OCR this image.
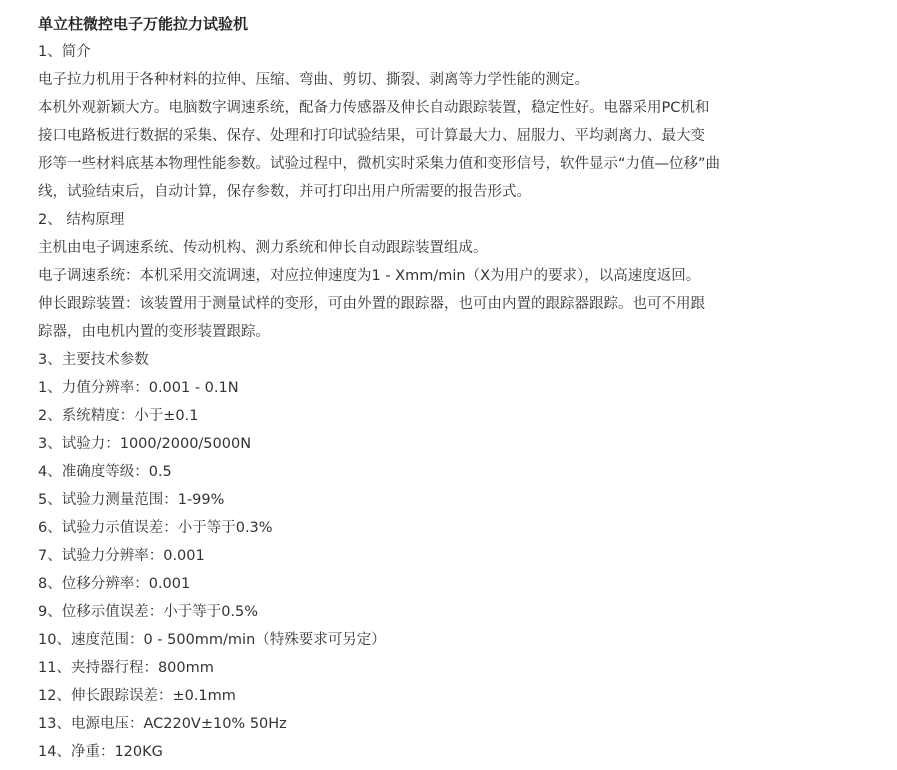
单立柱微控电子万能拉力试验机
1、简介
电子拉力机用于各种材料的拉伸、压缩、弯曲、剪切、撕裂、剥离等力学性能的测定。
本机外观新颖大方。电脑数字调速系统，配备力传感器及伸长自动跟踪装置，稳定性好。电器采用PC机和
接口电路板进行数据的采集、保存、处理和打印试验结果，可计算最大力、屈服力、平均剥离力、最大变
形等一些材料底基本物理性能参数。试验过程中，微机实时采集力值和变形信号，软件显示“力值—位移”曲
线，试验结束后，自动计算，保存参数，并可打印出用户所需要的报告形式。
2、 结构原理
主机由电子调速系统、传动机构、测力系统和伸长自动跟踪装置组成。
电子调速系统：本机采用交流调速，对应拉伸速度为1 - Xmm/min（X为用户的要求），以高速度返回。
伸长跟踪装置：该装置用于测量试样的变形，可由外置的跟踪器，也可由内置的跟踪器跟踪。也可不用跟
踪器，由电机内置的变形装置跟踪。
3、主要技术参数
1、力值分辨率：0.001 - 0.1N
2、系统精度：小于±0.1
3、试验力：1000/2000/5000N
4、准确度等级：0.5
5、试验力测量范围：1-99%
6、试验力示值误差：小于等于0.3%
7、试验力分辨率：0.001
8、位移分辨率：0.001
9、位移示值误差：小于等于0.5%
10、速度范围：0 - 500mm/min（特殊要求可另定）
11、夹持器行程：800mm
12、伸长跟踪误差：±0.1mm
13、电源电压：AC220V±10% 50Hz
14、净重：120KG
